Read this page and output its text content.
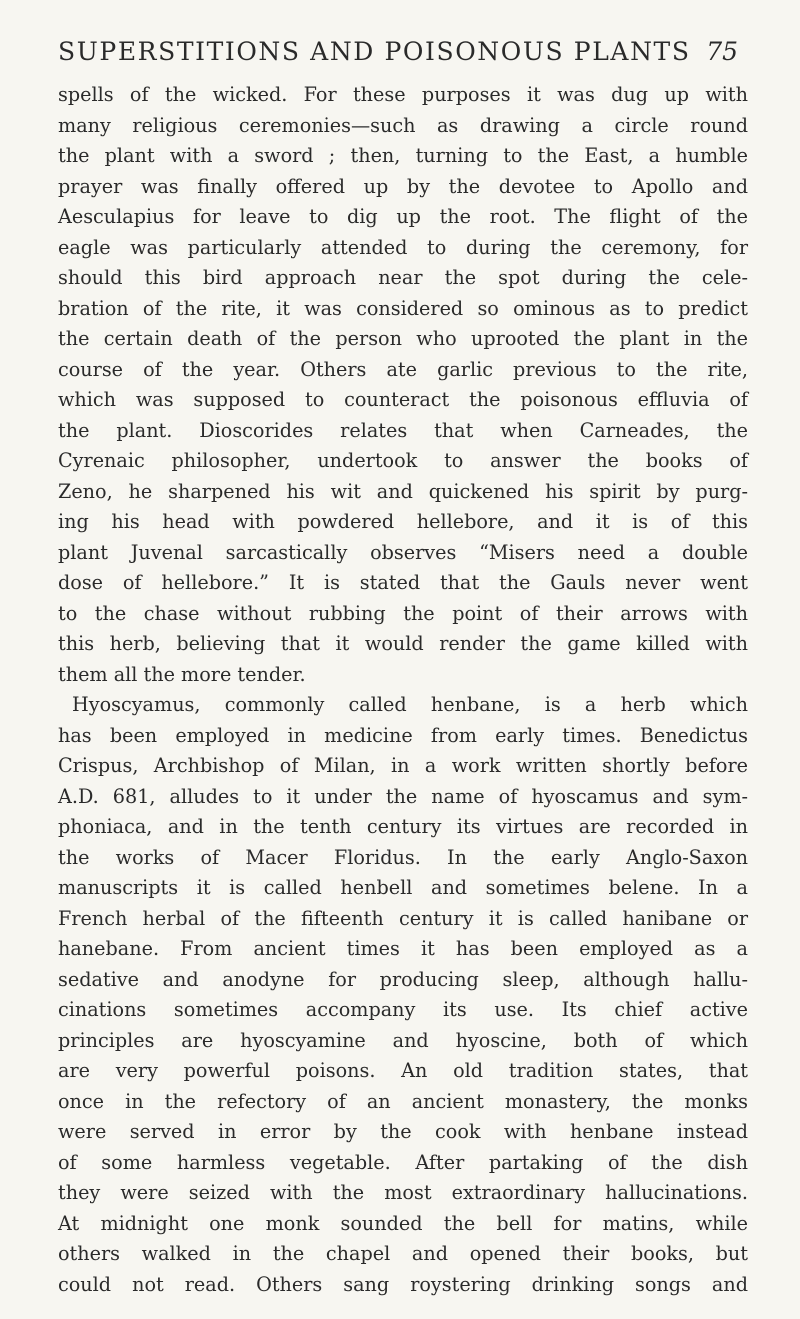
SUPERSTITIONS AND POISONOUS PLANTS 75
spells of the wicked. For these purposes it was dug up with
many religious ceremonies—such as drawing a circle round
the plant with a sword ; then, turning to the East, a humble
prayer was finally offered up by the devotee to Apollo and
Aesculapius for leave to dig up the root. The flight of the
eagle was particularly attended to during the ceremony, for
should this bird approach near the spot during the cele-
bration of the rite, it was considered so ominous as to predict
the certain death of the person who uprooted the plant in the
course of the year. Others ate garlic previous to the rite,
which was supposed to counteract the poisonous effluvia of
the plant. Dioscorides relates that when Carneades, the
Cyrenaic philosopher, undertook to answer the books of
Zeno, he sharpened his wit and quickened his spirit by purg-
ing his head with powdered hellebore, and it is of this
plant Juvenal sarcastically observes “Misers need a double
dose of hellebore.” It is stated that the Gauls never went
to the chase without rubbing the point of their arrows with
this herb, believing that it would render the game killed with
them all the more tender.
Hyoscyamus, commonly called henbane, is a herb which
has been employed in medicine from early times. Benedictus
Crispus, Archbishop of Milan, in a work written shortly before
A.D. 681, alludes to it under the name of hyoscamus and sym-
phoniaca, and in the tenth century its virtues are recorded in
the works of Macer Floridus. In the early Anglo-Saxon
manuscripts it is called henbell and sometimes belene. In a
French herbal of the fifteenth century it is called hanibane or
hanebane. From ancient times it has been employed as a
sedative and anodyne for producing sleep, although hallu-
cinations sometimes accompany its use. Its chief active
principles are hyoscyamine and hyoscine, both of which
are very powerful poisons. An old tradition states, that
once in the refectory of an ancient monastery, the monks
were served in error by the cook with henbane instead
of some harmless vegetable. After partaking of the dish
they were seized with the most extraordinary hallucinations.
At midnight one monk sounded the bell for matins, while
others walked in the chapel and opened their books, but
could not read. Others sang roystering drinking songs and
